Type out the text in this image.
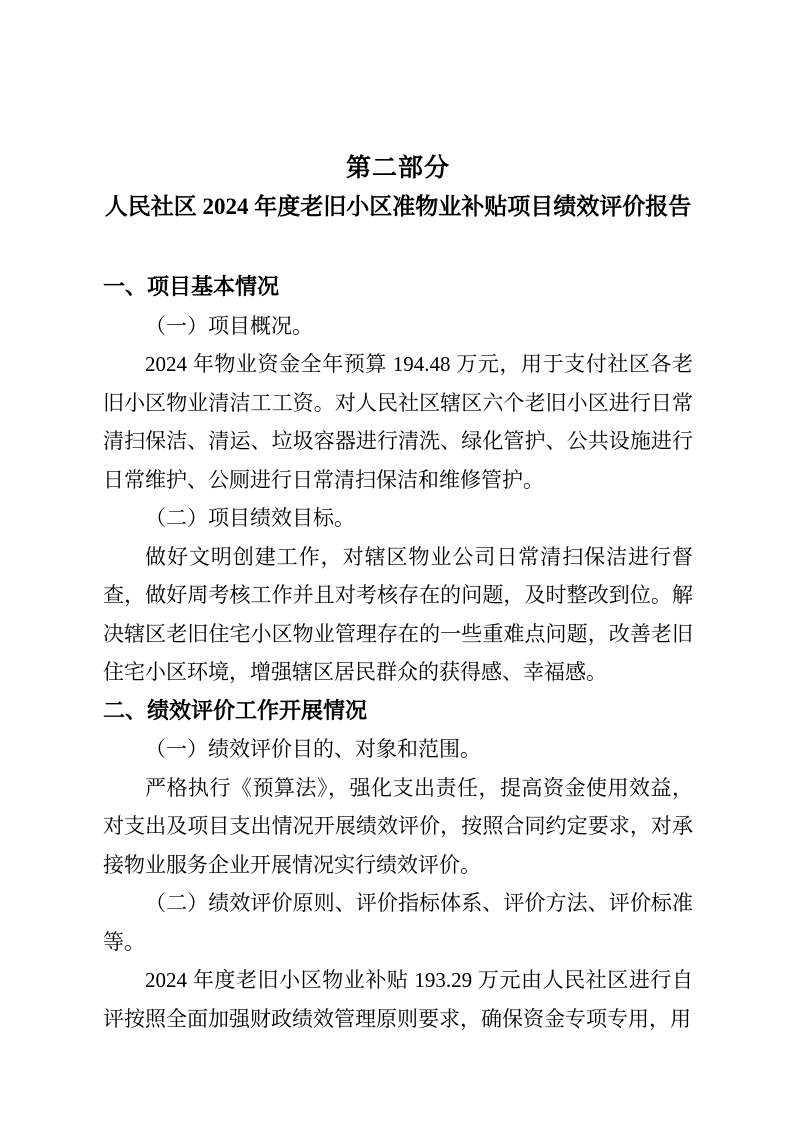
第二部分
人民社区 2024 年度老旧小区准物业补贴项目绩效评价报告
一、项目基本情况

（一）项目概况。

2024 年物业资金全年预算 194.48 万元，用于支付社区各老旧小区物业清洁工工资。对人民社区辖区六个老旧小区进行日常清扫保洁、清运、垃圾容器进行清洗、绿化管护、公共设施进行日常维护、公厕进行日常清扫保洁和维修管护。

（二）项目绩效目标。

做好文明创建工作，对辖区物业公司日常清扫保洁进行督查，做好周考核工作并且对考核存在的问题，及时整改到位。解决辖区老旧住宅小区物业管理存在的一些重难点问题，改善老旧住宅小区环境，增强辖区居民群众的获得感、幸福感。

二、绩效评价工作开展情况

（一）绩效评价目的、对象和范围。

严格执行《预算法》，强化支出责任，提高资金使用效益，对支出及项目支出情况开展绩效评价，按照合同约定要求，对承接物业服务企业开展情况实行绩效评价。

（二）绩效评价原则、评价指标体系、评价方法、评价标准等。

2024 年度老旧小区物业补贴 193.29 万元由人民社区进行自评按照全面加强财政绩效管理原则要求，确保资金专项专用，用
